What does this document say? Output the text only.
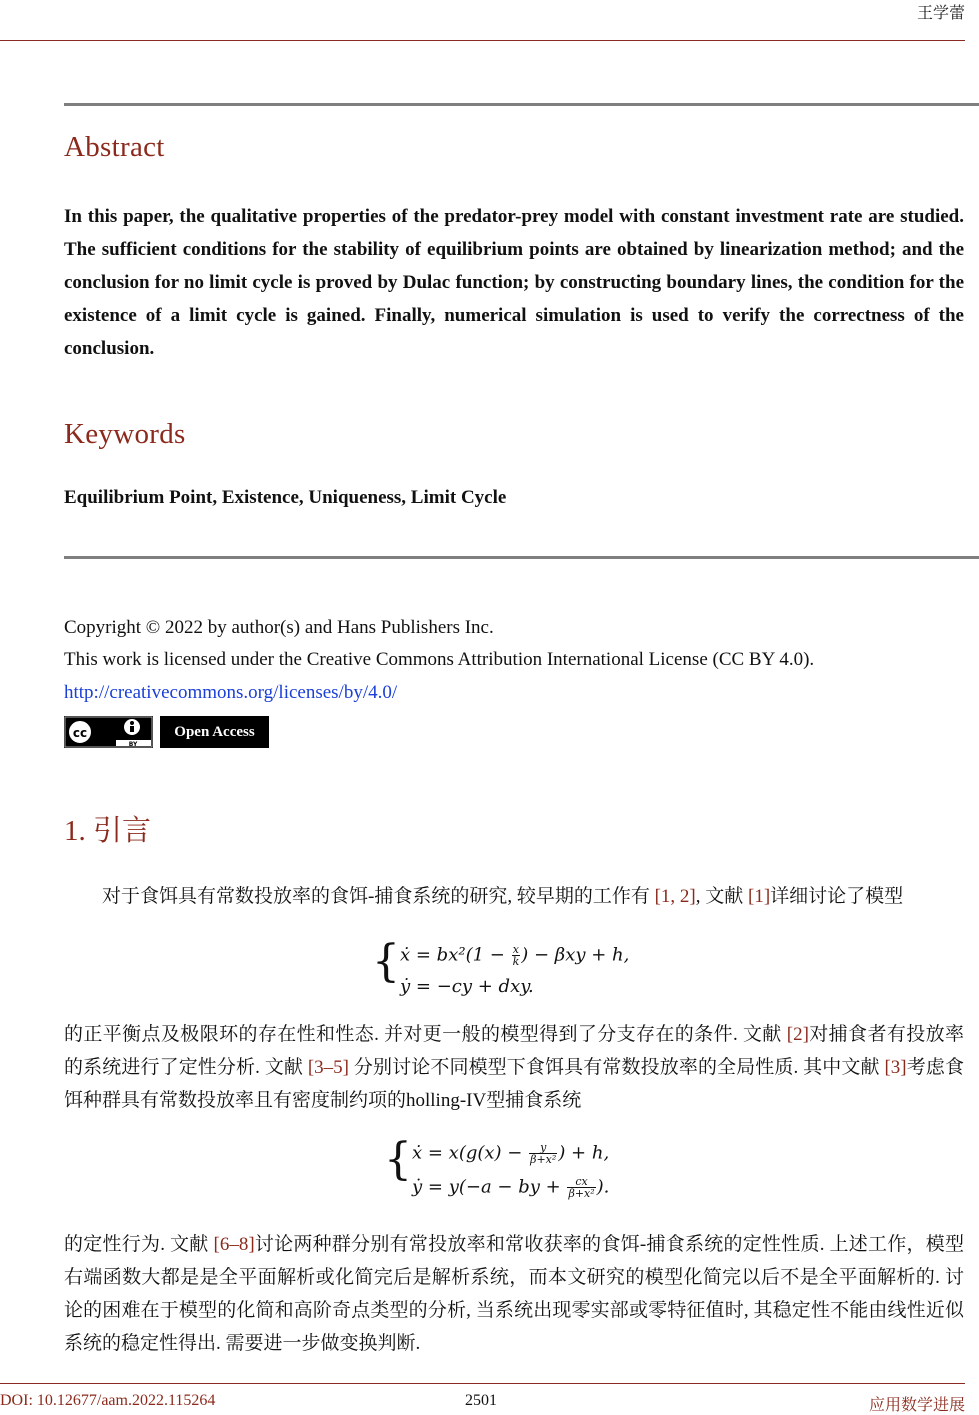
王学蕾
Abstract
In this paper, the qualitative properties of the predator-prey model with constant investment rate are studied. The sufficient conditions for the stability of equilibrium points are obtained by linearization method; and the conclusion for no limit cycle is proved by Dulac function; by constructing boundary lines, the condition for the existence of a limit cycle is gained. Finally, numerical simulation is used to verify the correctness of the conclusion.
Keywords
Equilibrium Point, Existence, Uniqueness, Limit Cycle
Copyright © 2022 by author(s) and Hans Publishers Inc.
This work is licensed under the Creative Commons Attribution International License (CC BY 4.0).
http://creativecommons.org/licenses/by/4.0/
cc
BY
Open Access
1. 引言
对于食饵具有常数投放率的食饵-捕食系统的研究, 较早期的工作有 [1, 2], 文献 [1]详细讨论了模型
{ ẋ = $bx^2(1 - \frac{x}{k}$ ) − βxy + h,
ẏ = −cy + dxy.
的正平衡点及极限环的存在性和性态. 并对更一般的模型得到了分支存在的条件. 文献 [2]对捕食者有投放率的系统进行了定性分析. 文献 [3–5] 分别讨论不同模型下食饵具有常数投放率的全局性质. 其中文献 [3]考虑食饵种群具有常数投放率且有密度制约项的holling-IV型捕食系统
{ ẋ = $x(g(x) - \frac{y}{\text{β+x²}}$ ) + h,
ẏ = y(−a − by + $\frac{cx}{\text{β+x²}}$ ).
的定性行为. 文献 [6–8]讨论两种群分别有常投放率和常收获率的食饵-捕食系统的定性性质. 上述工作，模型右端函数大都是是全平面解析或化简完后是解析系统，而本文研究的模型化简完以后不是全平面解析的. 讨论的困难在于模型的化简和高阶奇点类型的分析, 当系统出现零实部或零特征值时, 其稳定性不能由线性近似系统的稳定性得出. 需要进一步做变换判断.
DOI: 10.12677/aam.2022.115264	2501	应用数学进展
